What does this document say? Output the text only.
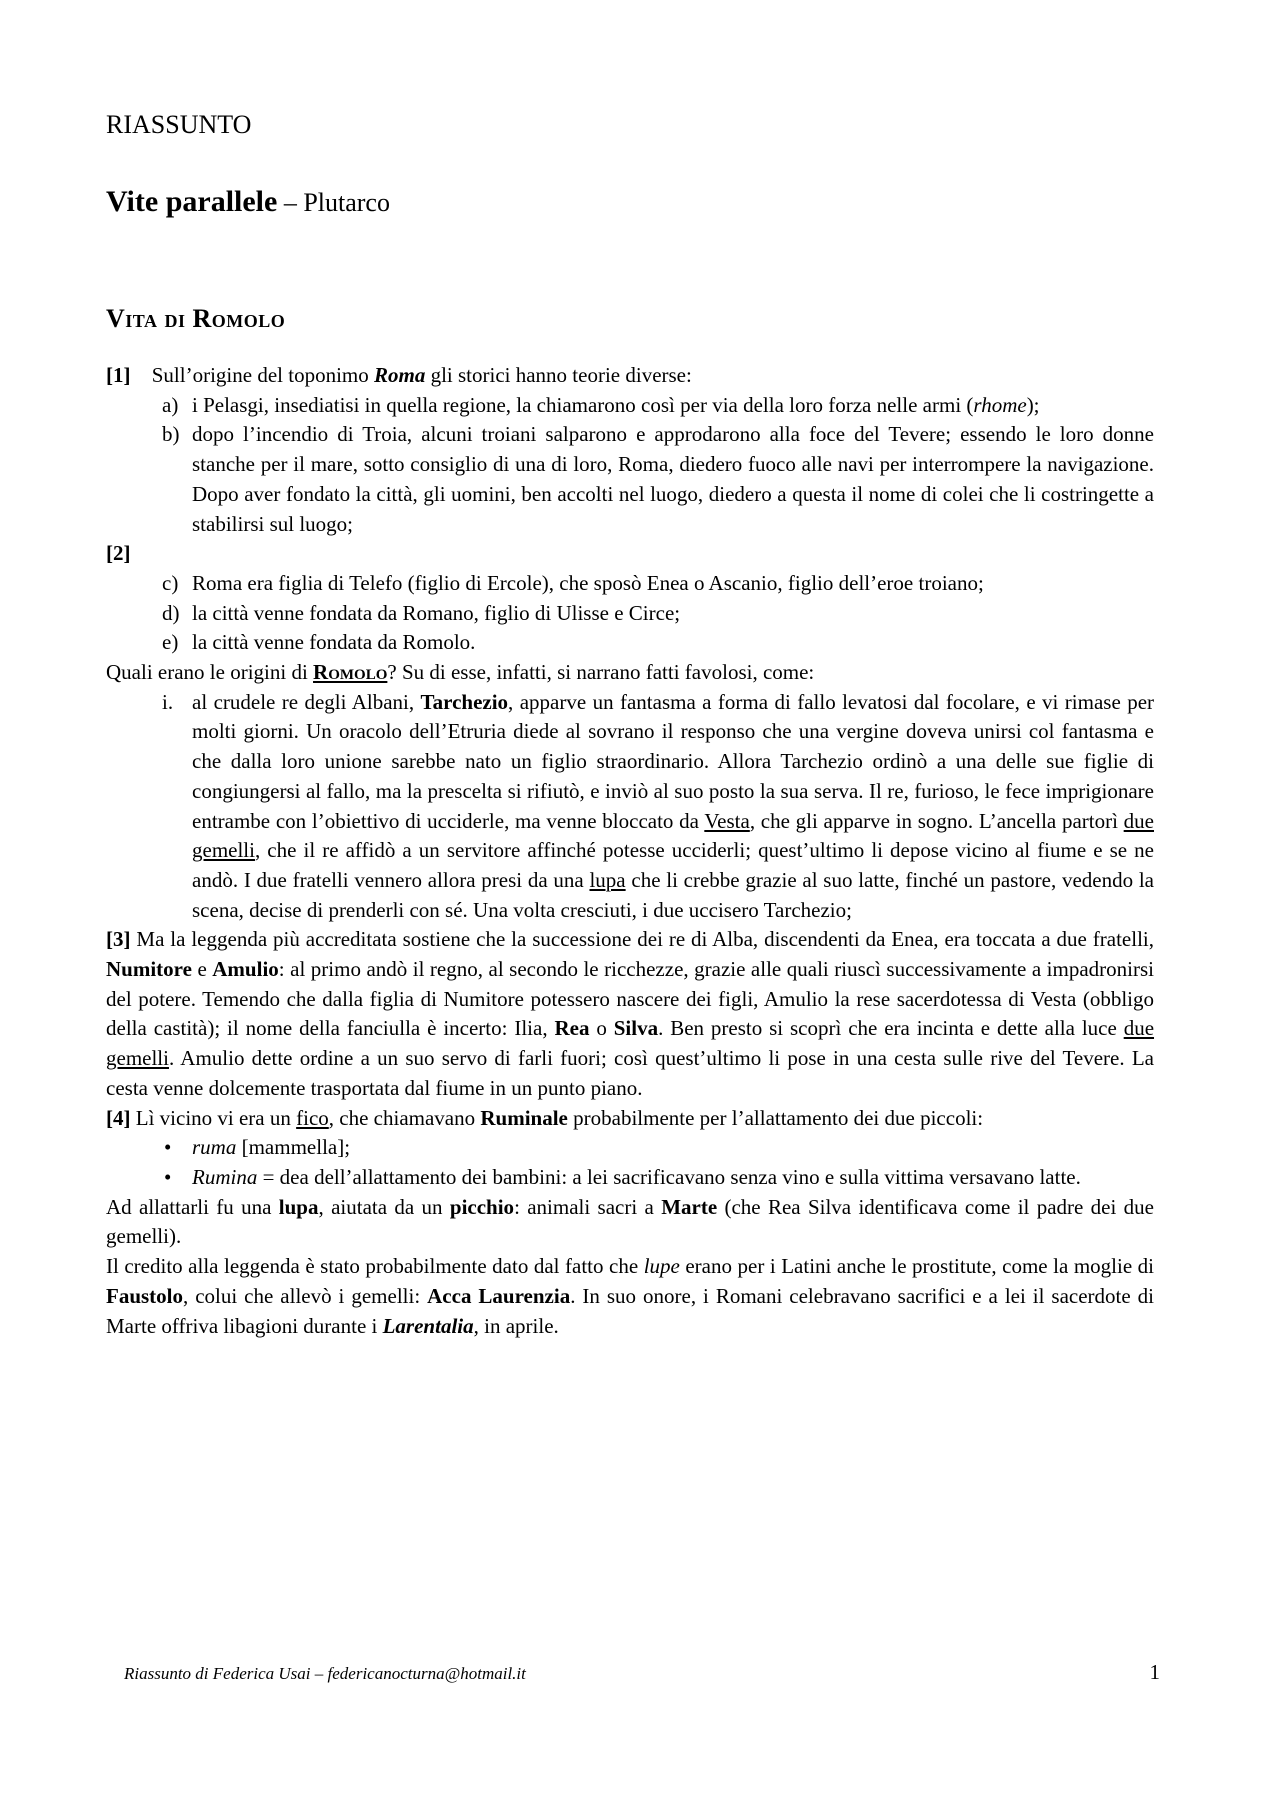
RIASSUNTO
Vite parallele – Plutarco
Vita di Romolo
[1] Sull’origine del toponimo Roma gli storici hanno teorie diverse:
a) i Pelasgi, insediatisi in quella regione, la chiamarono così per via della loro forza nelle armi (rhome);
b) dopo l’incendio di Troia, alcuni troiani salparono e approdarono alla foce del Tevere; essendo le loro donne stanche per il mare, sotto consiglio di una di loro, Roma, diedero fuoco alle navi per interrompere la navigazione. Dopo aver fondato la città, gli uomini, ben accolti nel luogo, diedero a questa il nome di colei che li costringette a stabilirsi sul luogo;
[2]
c) Roma era figlia di Telefo (figlio di Ercole), che sposò Enea o Ascanio, figlio dell’eroe troiano;
d) la città venne fondata da Romano, figlio di Ulisse e Circe;
e) la città venne fondata da Romolo.
Quali erano le origini di Romolo? Su di esse, infatti, si narrano fatti favolosi, come:
i. al crudele re degli Albani, Tarchezio, apparve un fantasma a forma di fallo levatosi dal focolare, e vi rimase per molti giorni. Un oracolo dell’Etruria diede al sovrano il responso che una vergine doveva unirsi col fantasma e che dalla loro unione sarebbe nato un figlio straordinario. Allora Tarchezio ordinò a una delle sue figlie di congiungersi al fallo, ma la prescelta si rifiutò, e inviò al suo posto la sua serva. Il re, furioso, le fece imprigionare entrambe con l’obiettivo di ucciderle, ma venne bloccato da Vesta, che gli apparve in sogno. L’ancella partorì due gemelli, che il re affidò a un servitore affinché potesse ucciderli; quest’ultimo li depose vicino al fiume e se ne andò. I due fratelli vennero allora presi da una lupa che li crebbe grazie al suo latte, finché un pastore, vedendo la scena, decise di prenderli con sé. Una volta cresciuti, i due uccisero Tarchezio;
[3] Ma la leggenda più accreditata sostiene che la successione dei re di Alba, discendenti da Enea, era toccata a due fratelli, Numitore e Amulio: al primo andò il regno, al secondo le ricchezze, grazie alle quali riuscì successivamente a impadronirsi del potere. Temendo che dalla figlia di Numitore potessero nascere dei figli, Amulio la rese sacerdotessa di Vesta (obbligo della castità); il nome della fanciulla è incerto: Ilia, Rea o Silva. Ben presto si scoprì che era incinta e dette alla luce due gemelli. Amulio dette ordine a un suo servo di farli fuori; così quest’ultimo li pose in una cesta sulle rive del Tevere. La cesta venne dolcemente trasportata dal fiume in un punto piano.
[4] Lì vicino vi era un fico, che chiamavano Ruminale probabilmente per l’allattamento dei due piccoli:
• ruma [mammella];
• Rumina = dea dell’allattamento dei bambini: a lei sacrificavano senza vino e sulla vittima versavano latte.
Ad allattarli fu una lupa, aiutata da un picchio: animali sacri a Marte (che Rea Silva identificava come il padre dei due gemelli).
Il credito alla leggenda è stato probabilmente dato dal fatto che lupe erano per i Latini anche le prostitute, come la moglie di Faustolo, colui che allevò i gemelli: Acca Laurenzia. In suo onore, i Romani celebravano sacrifici e a lei il sacerdote di Marte offriva libagioni durante i Larentalia, in aprile.
Riassunto di Federica Usai – federicanocturna@hotmail.it	1
